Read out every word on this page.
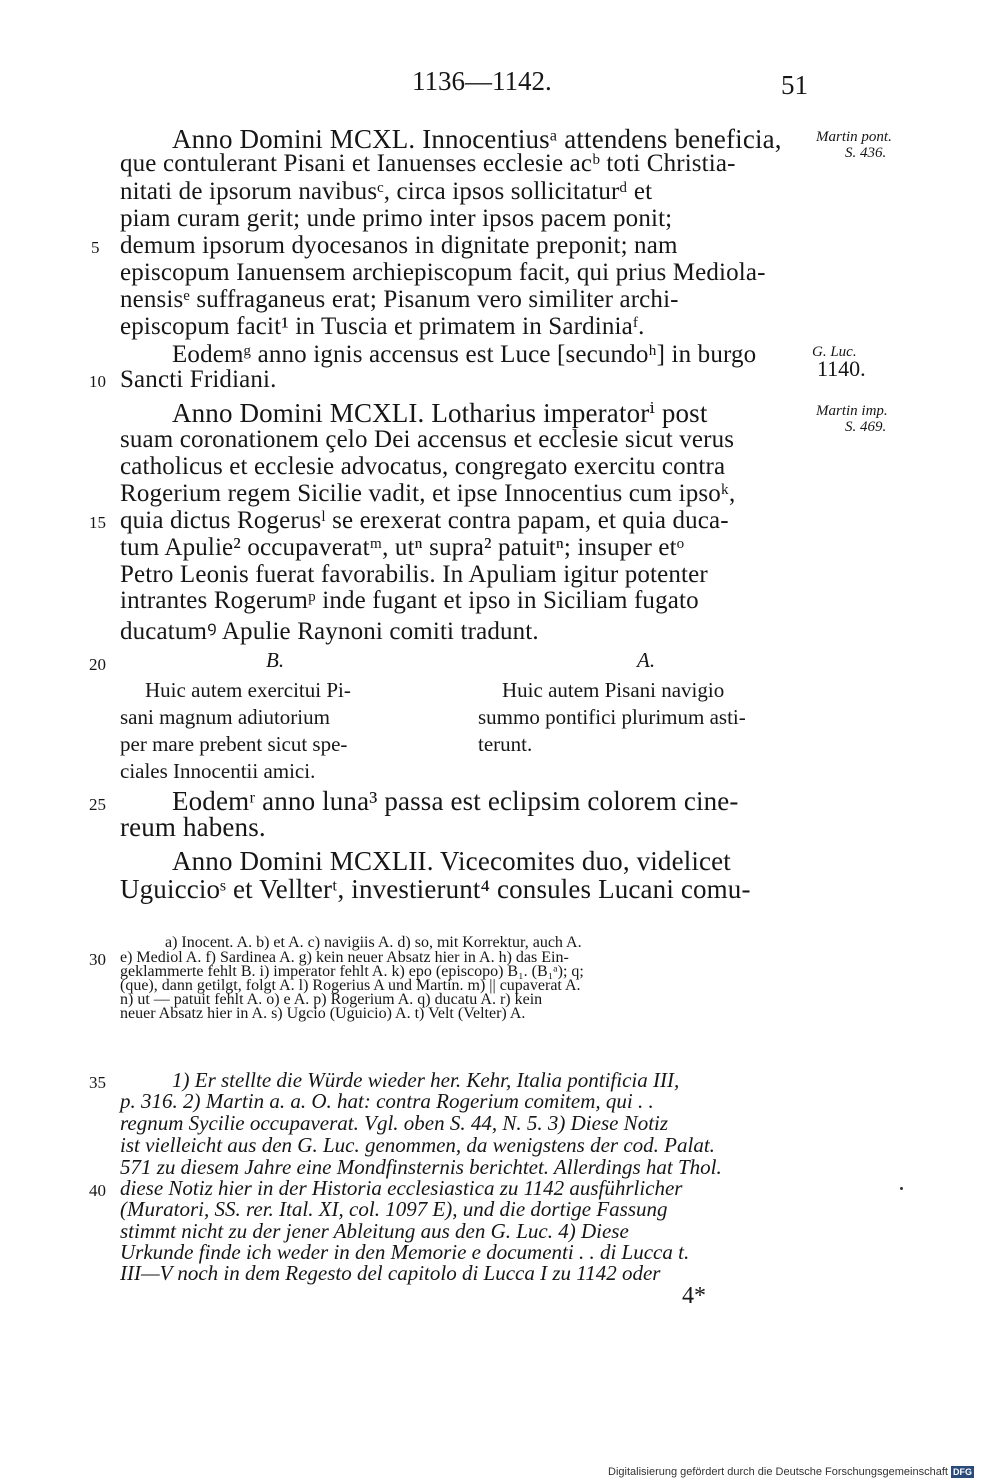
1136—1142.	51
Anno Domini MCXL. Innocentiusᵃ attendens beneficia,
que contulerant Pisani et Ianuenses ecclesie acᵇ toti Christia-
nitati de ipsorum navibusᶜ, circa ipsos sollicitaturᵈ et
piam curam gerit; unde primo inter ipsos pacem ponit;
5 demum ipsorum dyocesanos in dignitate preponit; nam
episcopum Ianuensem archiepiscopum facit, qui prius Mediola-
nensisᵉ suffraganeus erat; Pisanum vero similiter archi-
episcopum facit¹ in Tuscia et primatem in Sardiniaᶠ.
Eodemᵍ anno ignis accensus est Luce [secundoʰ] in burgo
10 Sancti Fridiani.
Anno Domini MCXLI. Lotharius imperatorⁱ post
suam coronationem çelo Dei accensus et ecclesie sicut verus
catholicus et ecclesie advocatus, congregato exercitu contra
Rogerium regem Sicilie vadit, et ipse Innocentius cum ipsoᵏ,
15 quia dictus Rogerusˡ se erexerat contra papam, et quia duca-
tum Apulie² occupaveratᵐ, utⁿ supra² patuitⁿ; insuper etᵒ
Petro Leonis fuerat favorabilis. In Apuliam igitur potenter
intrantes Rogerumᵖ inde fugant et ipso in Siciliam fugato
ducatumꝰ Apulie Raynoni comiti tradunt.
Martin pont.
S. 436.
G. Luc.
1140.
Martin imp.
S. 469.
20	B.	A.
Huic autem exercitui Pi-
sani magnum adiutorium
per mare prebent sicut spe-
ciales Innocentii amici.
Huic autem Pisani navigio
summo pontifici plurimum asti-
terunt.
25 Eodemʳ anno luna³ passa est eclipsim colorem cine-
reum habens.
Anno Domini MCXLII. Vicecomites duo, videlicet
Uguiccioˢ et Vellterᵗ, investierunt⁴ consules Lucani comu-
a) Inocent. A. b) et A. c) navigiis A. d) so, mit Korrektur, auch A.
30 e) Mediol A. f) Sardinea A. g) kein neuer Absatz hier in A. h) das Ein-
geklammerte fehlt B. i) imperator fehlt A. k) epo (episcopo) B₁. (B₁ᵃ); q;
(que), dann getilgt, folgt A. l) Rogerius A und Martin. m) || cupaverat A.
n) ut — patuit fehlt A. o) e A. p) Rogerium A. q) ducatu A. r) kein
neuer Absatz hier in A. s) Ugcio (Uguicio) A. t) Velt (Velter) A.
35	1) Er stellte die Würde wieder her. Kehr, Italia pontificia III,
p. 316. 2) Martin a. a. O. hat: contra Rogerium comitem, qui . .
regnum Sycilie occupaverat. Vgl. oben S. 44, N. 5. 3) Diese Notiz
ist vielleicht aus den G. Luc. genommen, da wenigstens der cod. Palat.
571 zu diesem Jahre eine Mondfinsternis berichtet. Allerdings hat Thol.
40 diese Notiz hier in der Historia ecclesiastica zu 1142 ausführlicher
(Muratori, SS. rer. Ital. XI, col. 1097 E), und die dortige Fassung
stimmt nicht zu der jener Ableitung aus den G. Luc. 4) Diese
Urkunde finde ich weder in den Memorie e documenti . . di Lucca t.
III—V noch in dem Regesto del capitolo di Lucca I zu 1142 oder
4*
Digitalisierung gefördert durch die Deutsche Forschungsgemeinschaft DFG
